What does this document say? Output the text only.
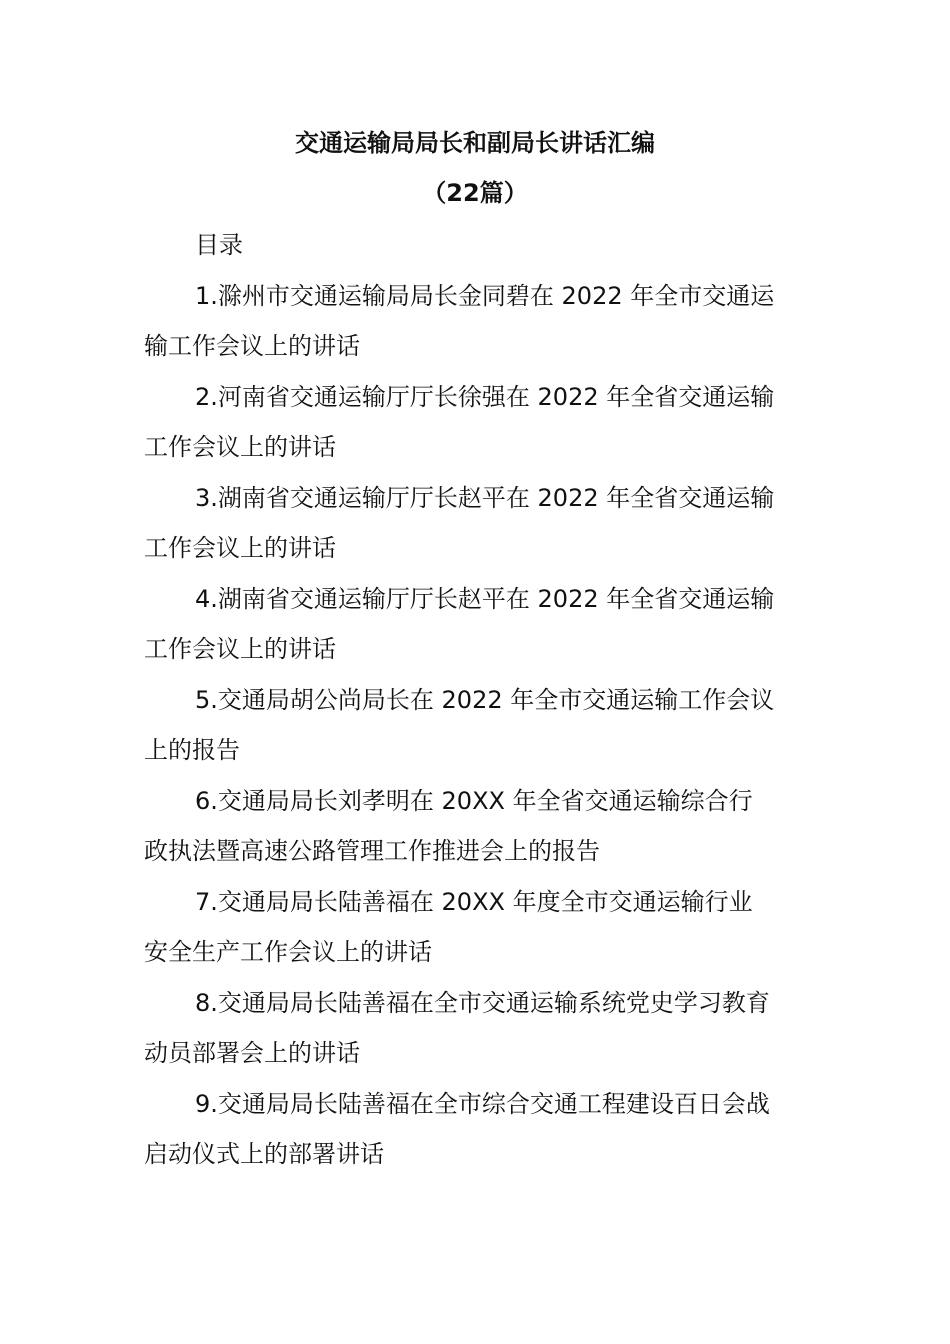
交通运输局局长和副局长讲话汇编
（22篇）
目录
1.滁州市交通运输局局长金同碧在 2022 年全市交通运
输工作会议上的讲话
2.河南省交通运输厅厅长徐强在 2022 年全省交通运输
工作会议上的讲话
3.湖南省交通运输厅厅长赵平在 2022 年全省交通运输
工作会议上的讲话
4.湖南省交通运输厅厅长赵平在 2022 年全省交通运输
工作会议上的讲话
5.交通局胡公尚局长在 2022 年全市交通运输工作会议
上的报告
6.交通局局长刘孝明在 20XX 年全省交通运输综合行
政执法暨高速公路管理工作推进会上的报告
7.交通局局长陆善福在 20XX 年度全市交通运输行业
安全生产工作会议上的讲话
8.交通局局长陆善福在全市交通运输系统党史学习教育
动员部署会上的讲话
9.交通局局长陆善福在全市综合交通工程建设百日会战
启动仪式上的部署讲话
